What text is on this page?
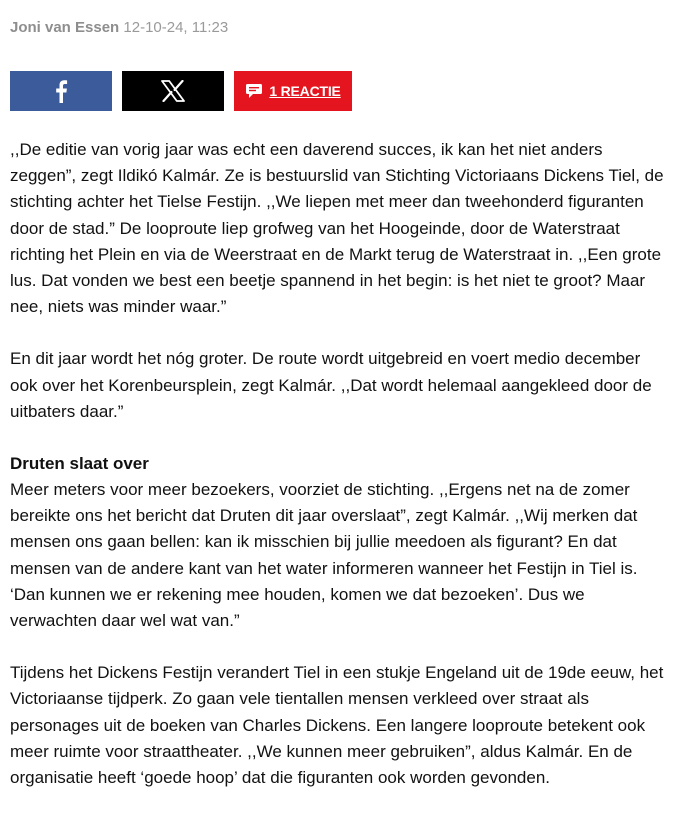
Joni van Essen 12-10-24, 11:23
1 REACTIE

,,De editie van vorig jaar was echt een daverend succes, ik kan het niet anders zeggen”, zegt Ildikó Kalmár. Ze is bestuurslid van Stichting Victoriaans Dickens Tiel, de stichting achter het Tielse Festijn. ,,We liepen met meer dan tweehonderd figuranten door de stad.” De looproute liep grofweg van het Hoogeinde, door de Waterstraat richting het Plein en via de Weerstraat en de Markt terug de Waterstraat in. ,,Een grote lus. Dat vonden we best een beetje spannend in het begin: is het niet te groot? Maar nee, niets was minder waar.”

En dit jaar wordt het nóg groter. De route wordt uitgebreid en voert medio december ook over het Korenbeursplein, zegt Kalmár. ,,Dat wordt helemaal aangekleed door de uitbaters daar.”

Druten slaat over

Meer meters voor meer bezoekers, voorziet de stichting. ,,Ergens net na de zomer bereikte ons het bericht dat Druten dit jaar overslaat”, zegt Kalmár. ,,Wij merken dat mensen ons gaan bellen: kan ik misschien bij jullie meedoen als figurant? En dat mensen van de andere kant van het water informeren wanneer het Festijn in Tiel is. ‘Dan kunnen we er rekening mee houden, komen we dat bezoeken’. Dus we verwachten daar wel wat van.”

Tijdens het Dickens Festijn verandert Tiel in een stukje Engeland uit de 19de eeuw, het Victoriaanse tijdperk. Zo gaan vele tientallen mensen verkleed over straat als personages uit de boeken van Charles Dickens. Een langere looproute betekent ook meer ruimte voor straattheater. ,,We kunnen meer gebruiken”, aldus Kalmár. En de organisatie heeft ‘goede hoop’ dat die figuranten ook worden gevonden.
